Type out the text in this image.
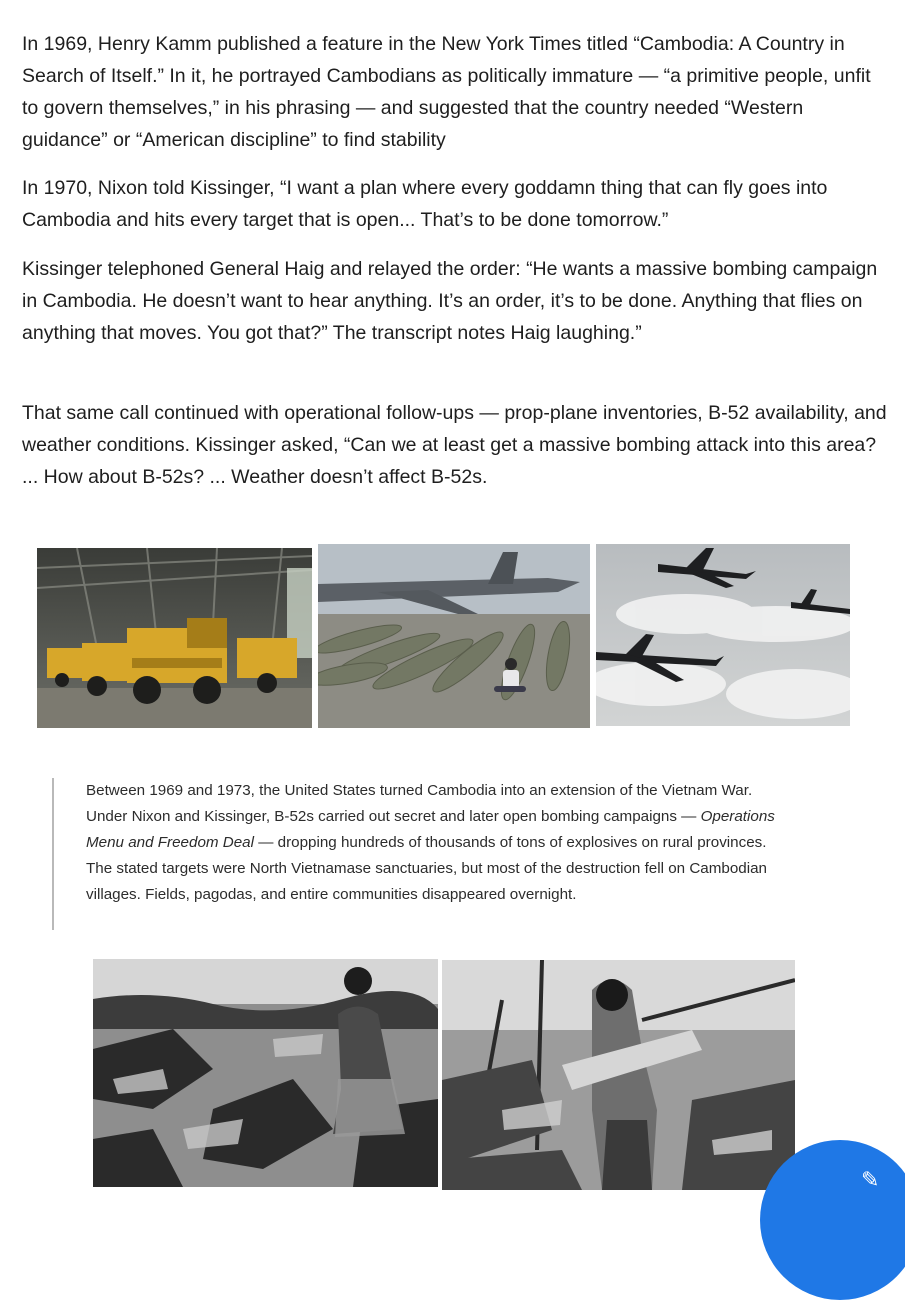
In 1969, Henry Kamm published a feature in the New York Times titled “Cambodia: A Country in Search of Itself.” In it, he portrayed Cambodians as politically immature — “a primitive people, unfit to govern themselves,” in his phrasing — and suggested that the country needed “Western guidance” or “American discipline” to find stability

In 1970, Nixon told Kissinger, “I want a plan where every goddamn thing that can fly goes into Cambodia and hits every target that is open... That’s to be done tomorrow.”

Kissinger telephoned General Haig and relayed the order: “He wants a massive bombing campaign in Cambodia. He doesn’t want to hear anything. It’s an order, it’s to be done. Anything that flies on anything that moves. You got that?” The transcript notes Haig laughing.”

That same call continued with operational follow-ups — prop-plane inventories, B-52 availability, and weather conditions. Kissinger asked, “Can we at least get a massive bombing attack into this area? ... How about B-52s? ... Weather doesn’t affect B-52s.

Between 1969 and 1973, the United States turned Cambodia into an extension of the Vietnam War. Under Nixon and Kissinger, B-52s carried out secret and later open bombing campaigns — Operations Menu and Freedom Deal — dropping hundreds of thousands of tons of explosives on rural provinces. The stated targets were North Vietnamase sanctuaries, but most of the destruction fell on Cambodian villages. Fields, pagodas, and entire communities disappeared overnight.

✎
